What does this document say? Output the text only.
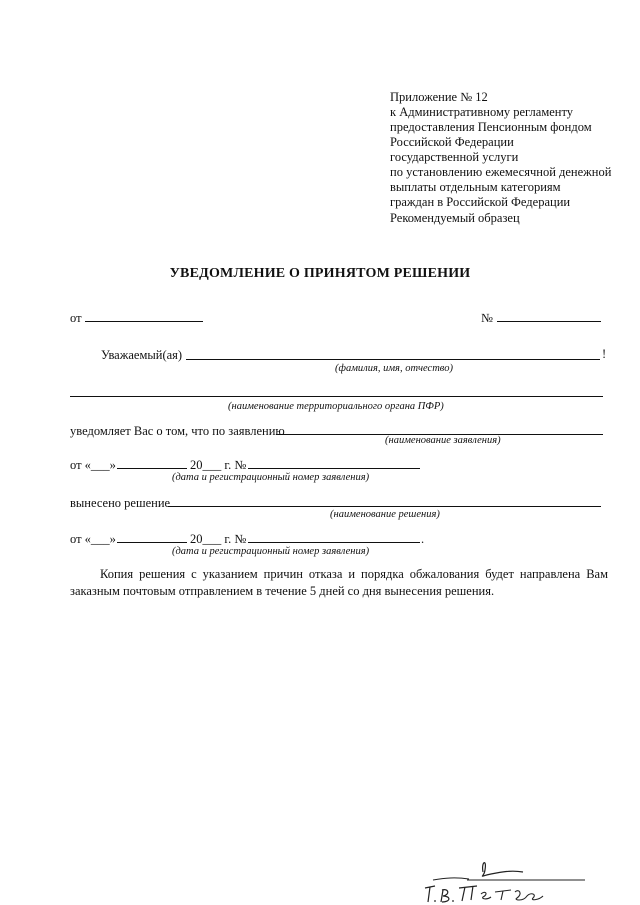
Приложение № 12
к Административному регламенту
предоставления Пенсионным фондом
Российской Федерации
государственной услуги
по установлению ежемесячной денежной
выплаты отдельным категориям
граждан в Российской Федерации
Рекомендуемый образец
УВЕДОМЛЕНИЕ О ПРИНЯТОМ РЕШЕНИИ
от	№
Уважаемый(ая)	!
(фамилия, имя, отчество)
(наименование территориального органа ПФР)
уведомляет Вас о том, что по заявлению
(наименование заявления)
от «___»	20___ г. №
(дата и регистрационный номер заявления)
вынесено решение
(наименование решения)
от «___»	20___ г. №	.
(дата и регистрационный номер заявления)
Копия решения с указанием причин отказа и порядка обжалования будет направлена Вам заказным почтовым отправлением в течение 5 дней со дня вынесения решения.
